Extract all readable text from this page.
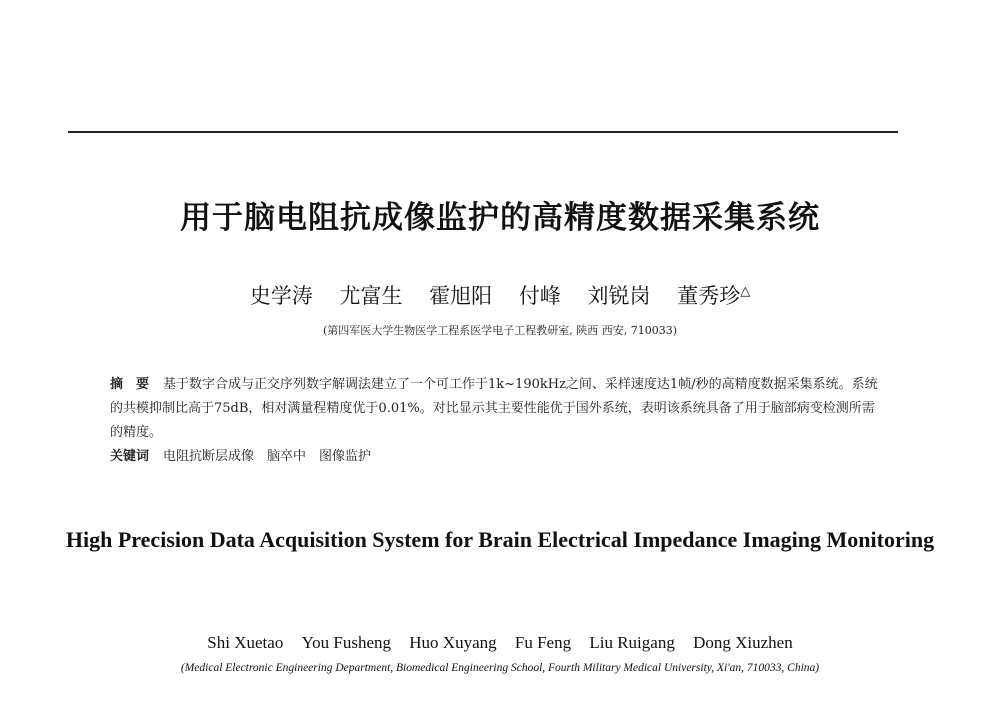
用于脑电阻抗成像监护的高精度数据采集系统
史学涛 尤富生 霍旭阳 付峰 刘锐岗 董秀珍△
(第四军医大学生物医学工程系医学电子工程教研室, 陕西 西安, 710033)
摘　要 基于数字合成与正交序列数字解调法建立了一个可工作于1k~190kHz之间、采样速度达1帧/秒的高精度数据采集系统。系统的共模抑制比高于75dB，相对满量程精度优于0.01%。对比显示其主要性能优于国外系统，表明该系统具备了用于脑部病变检测所需的精度。
关键词 电阻抗断层成像　脑卒中　图像监护
High Precision Data Acquisition System for Brain Electrical Impedance Imaging Monitoring
Shi Xuetao You Fusheng Huo Xuyang Fu Feng Liu Ruigang Dong Xiuzhen
(Medical Electronic Engineering Department, Biomedical Engineering School, Fourth Military Medical University, Xi'an, 710033, China)
